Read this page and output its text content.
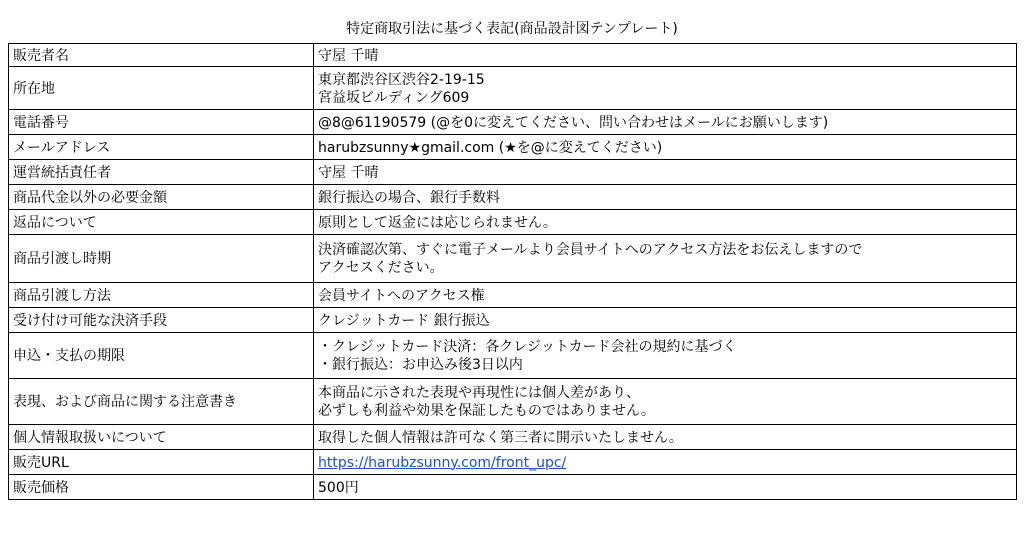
特定商取引法に基づく表記(商品設計図テンプレート)
販売者名	守屋 千晴

所在地	東京都渋谷区渋谷2-19-15
宮益坂ビルディング609

電話番号	@8@61190579 (@を0に変えてください、問い合わせはメールにお願いします)

メールアドレス	harubzsunny★gmail.com (★を@に変えてください)

運営統括責任者	守屋 千晴

商品代金以外の必要金額	銀行振込の場合、銀行手数料

返品について	原則として返金には応じられません。

商品引渡し時期	決済確認次第、すぐに電子メールより会員サイトへのアクセス方法をお伝えしますので
アクセスください。

商品引渡し方法	会員サイトへのアクセス権

受け付け可能な決済手段	クレジットカード 銀行振込

申込・支払の期限	・クレジットカード決済：各クレジットカード会社の規約に基づく
・銀行振込：お申込み後3日以内

表現、および商品に関する注意書き	本商品に示された表現や再現性には個人差があり、
必ずしも利益や効果を保証したものではありません。

個人情報取扱いについて	取得した個人情報は許可なく第三者に開示いたしません。

販売URL	https://harubzsunny.com/front_upc/

販売価格	500円
